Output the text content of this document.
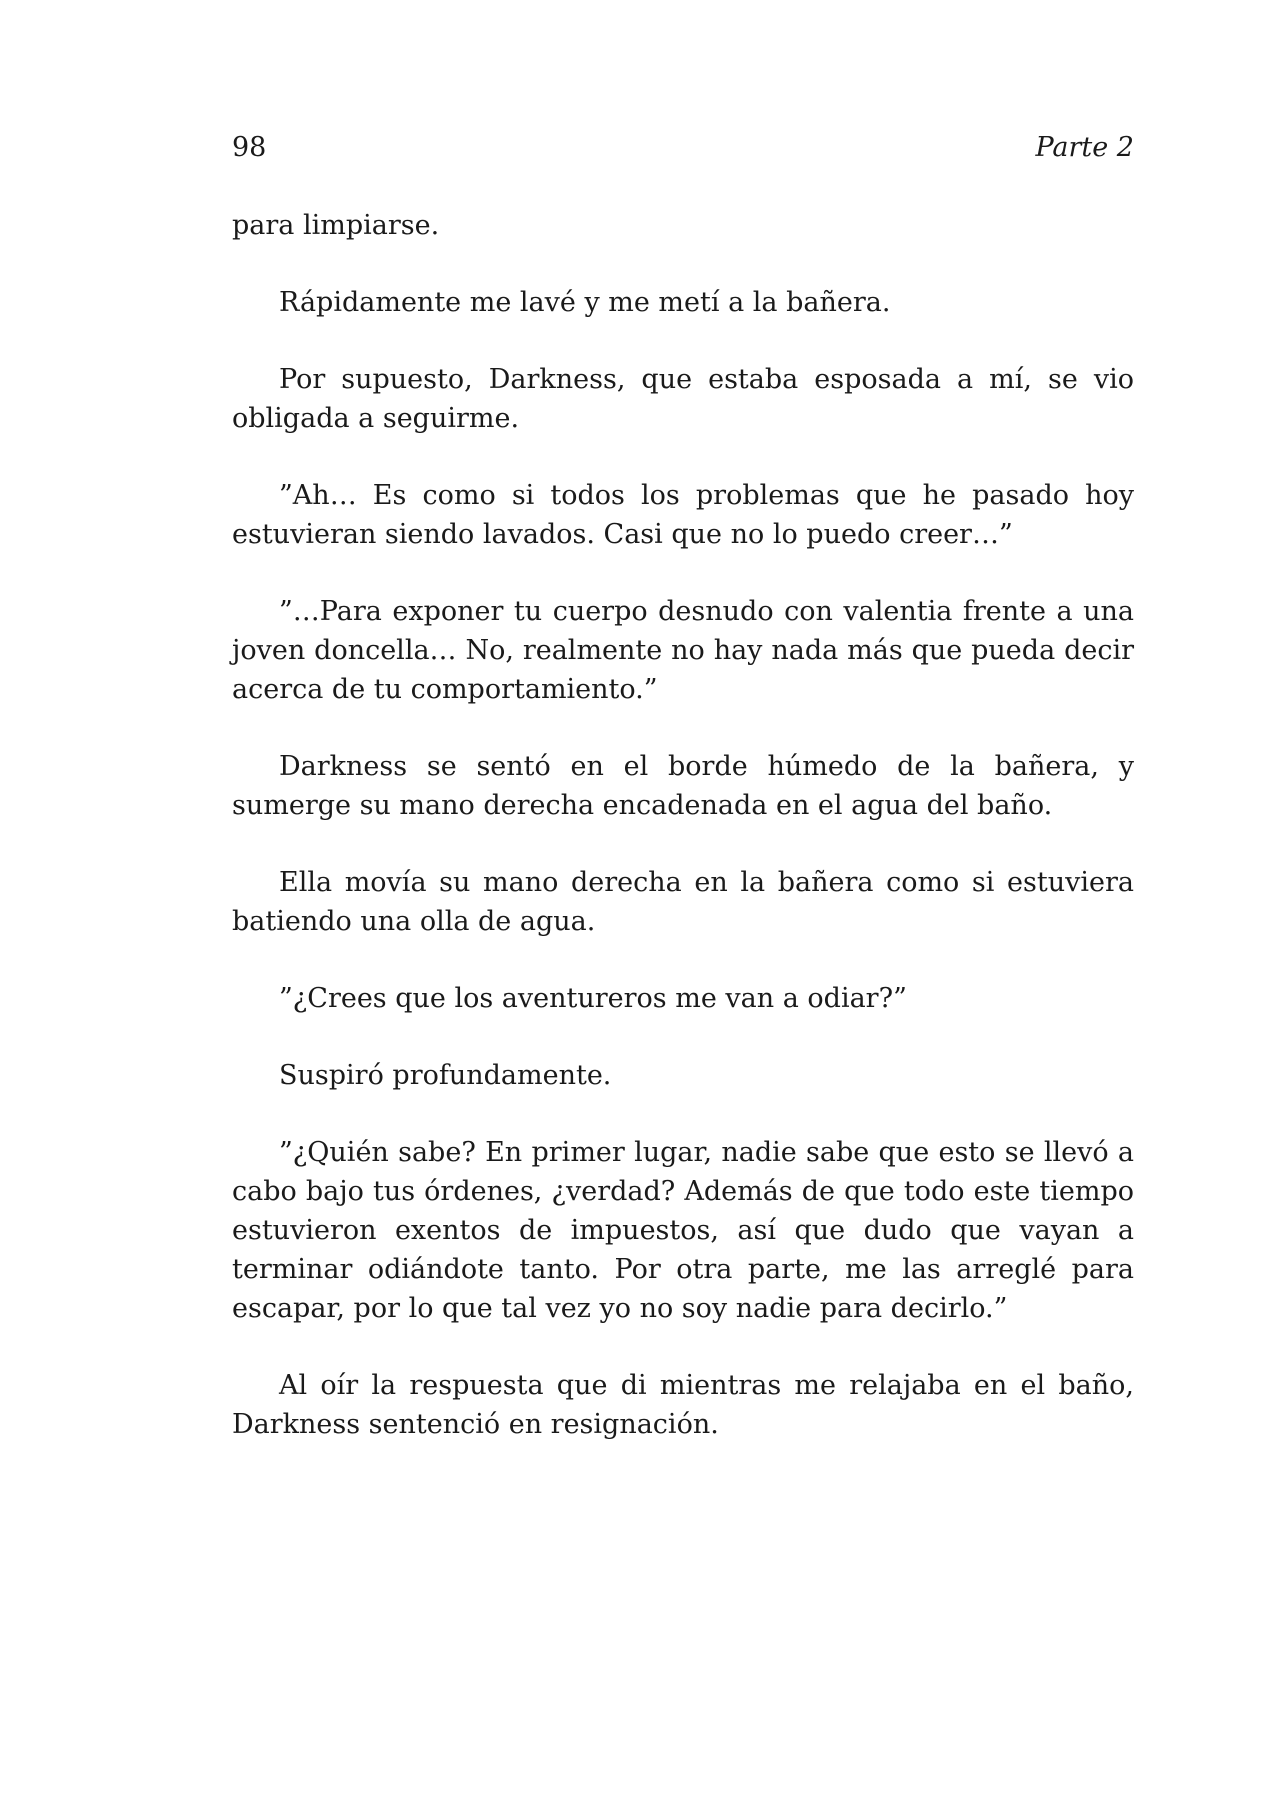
98	Parte 2

para limpiarse.

Rápidamente me lavé y me metí a la bañera.

Por supuesto, Darkness, que estaba esposada a mí, se vio obligada a seguirme.

”Ah… Es como si todos los problemas que he pasado hoy estuvieran siendo lavados. Casi que no lo puedo creer…”

”…Para exponer tu cuerpo desnudo con valentia frente a una joven doncella… No, realmente no hay nada más que pueda decir acerca de tu comportamiento.”

Darkness se sentó en el borde húmedo de la bañera, y sumerge su mano derecha encadenada en el agua del baño.

Ella movía su mano derecha en la bañera como si estuviera batiendo una olla de agua.

”¿Crees que los aventureros me van a odiar?”

Suspiró profundamente.

”¿Quién sabe? En primer lugar, nadie sabe que esto se llevó a cabo bajo tus órdenes, ¿verdad? Además de que todo este tiempo estuvieron exentos de impuestos, así que dudo que vayan a terminar odiándote tanto. Por otra parte, me las arreglé para escapar, por lo que tal vez yo no soy nadie para decirlo.”

Al oír la respuesta que di mientras me relajaba en el baño, Darkness sentenció en resignación.
